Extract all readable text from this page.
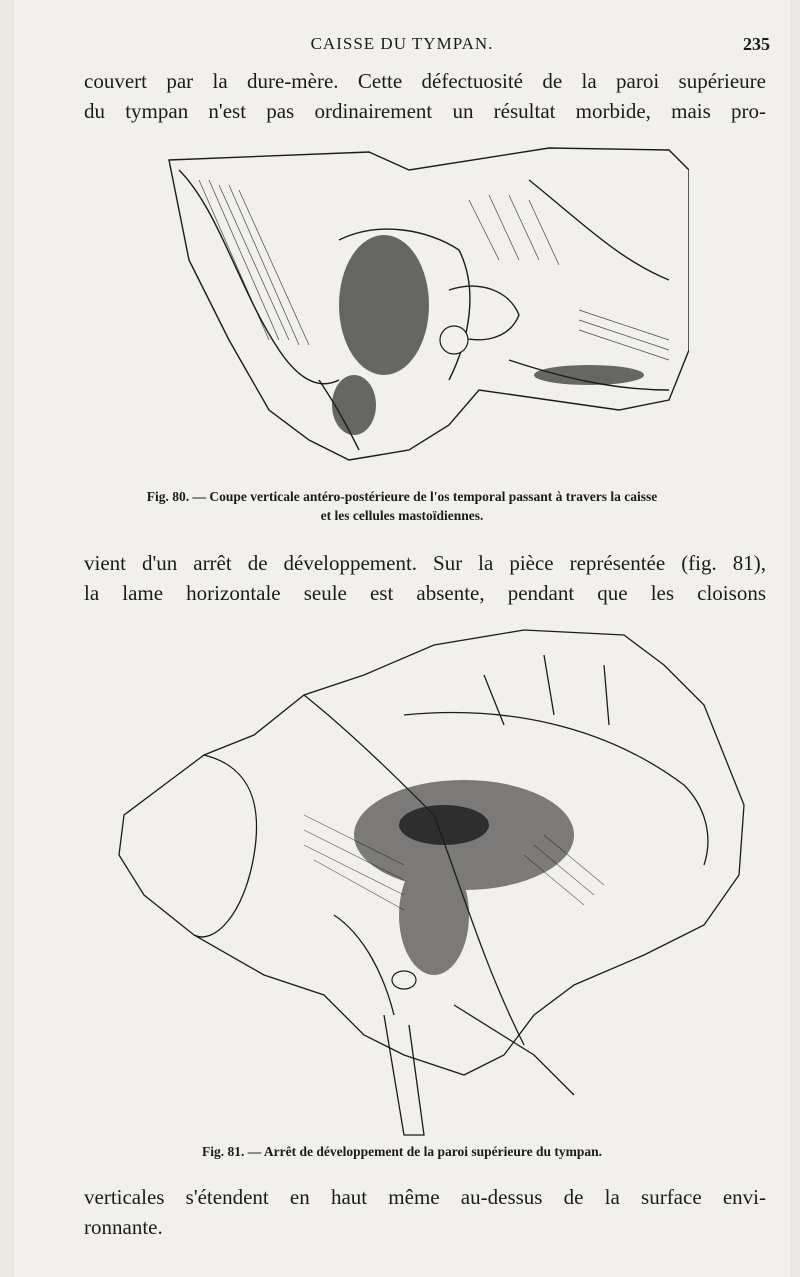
CAISSE DU TYMPAN.	235
couvert par la dure-mère. Cette défectuosité de la paroi supérieure
du tympan n'est pas ordinairement un résultat morbide, mais pro-
Fig. 80. — Coupe verticale antéro-postérieure de l'os temporal passant à travers la caisse
et les cellules mastoïdiennes.
vient d'un arrêt de développement. Sur la pièce représentée (fig. 81),
la lame horizontale seule est absente, pendant que les cloisons
Fig. 81. — Arrêt de développement de la paroi supérieure du tympan.
verticales s'étendent en haut même au-dessus de la surface envi-
ronnante.
